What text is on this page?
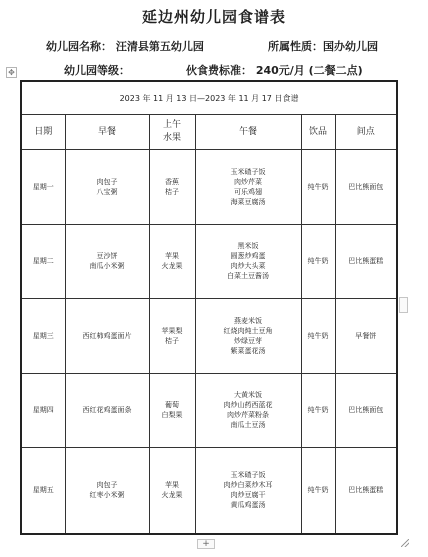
延边州幼儿园食谱表
幼儿园名称： 汪清县第五幼儿园	所属性质：国办幼儿园
幼儿园等级：	伙食费标准： 240元/月 (二餐二点)
✥
2023 年 11 月 13 日—2023 年 11 月 17 日食谱					
日期	早餐	上午
水果	午餐	饮品	间点
星期一	肉包子
八宝粥	香蕉
桔子	玉米碴子饭
肉炒芹菜
可乐鸡翅
海菜豆腐汤	纯牛奶	巴比熊面包
星期二	豆沙饼
南瓜小米粥	苹果
火龙果	黑米饭
圆葱炒鸡蛋
肉炒大头菜
白菜土豆酱汤	纯牛奶	巴比熊蛋糕
星期三	西红柿鸡蛋面片	苹果梨
桔子	燕麦米饭
红烧肉炖土豆角
炒绿豆芽
紫菜蛋花汤	纯牛奶	早餐饼
星期四	西红花鸡蛋面条	葡萄
白梨果	大黄米饭
肉炒山药西蓝花
肉炒芹菜粉条
南瓜土豆汤	纯牛奶	巴比熊面包
星期五	肉包子
红枣小米粥	苹果
火龙果	玉米碴子饭
肉炒白菜炒木耳
肉炒豆腐干
黄瓜鸡蛋汤	纯牛奶	巴比熊蛋糕
+
